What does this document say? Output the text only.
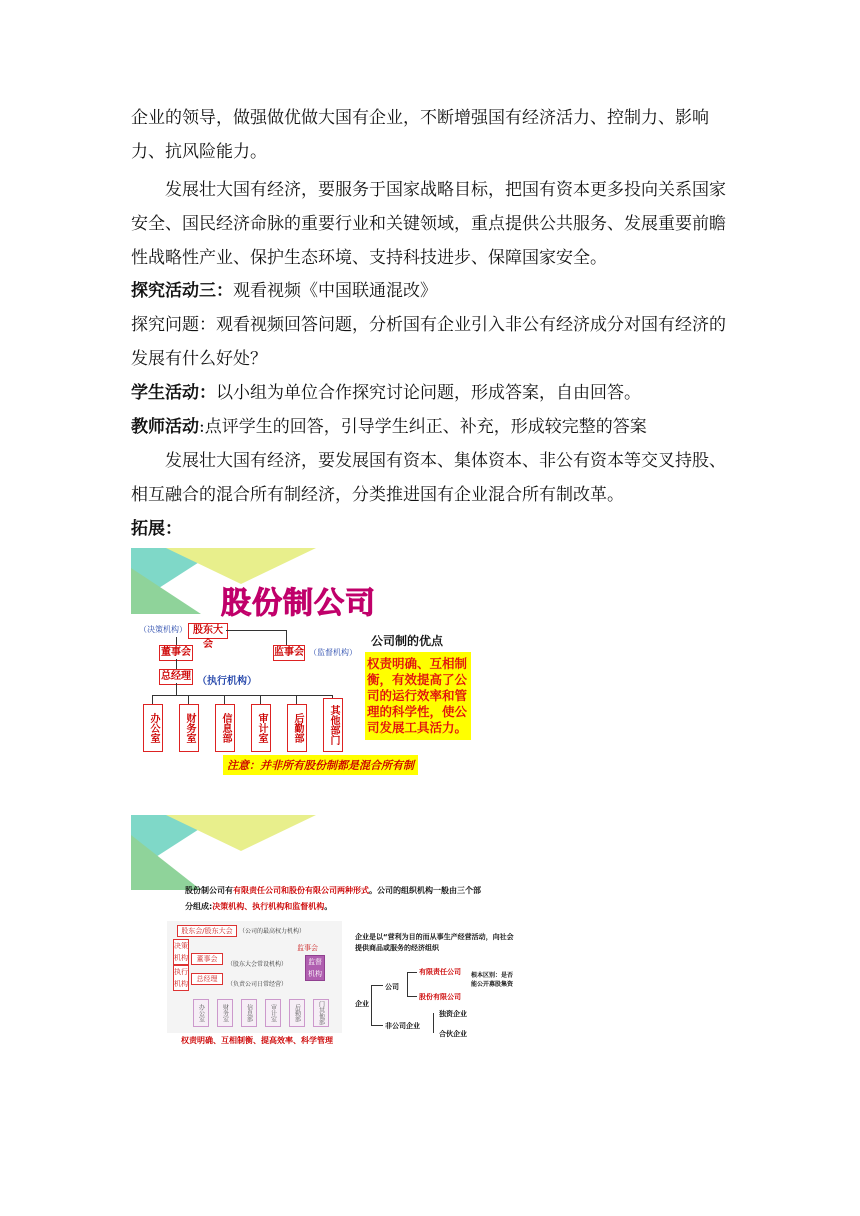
企业的领导，做强做优做大国有企业，不断增强国有经济活力、控制力、影响力、抗风险能力。

发展壮大国有经济，要服务于国家战略目标，把国有资本更多投向关系国家安全、国民经济命脉的重要行业和关键领域，重点提供公共服务、发展重要前瞻性战略性产业、保护生态环境、支持科技进步、保障国家安全。

探究活动三：观看视频《中国联通混改》

探究问题：观看视频回答问题，分析国有企业引入非公有经济成分对国有经济的发展有什么好处？

学生活动：以小组为单位合作探究讨论问题，形成答案，自由回答。

教师活动:点评学生的回答，引导学生纠正、补充，形成较完整的答案

发展壮大国有经济，要发展国有资本、集体资本、非公有资本等交叉持股、相互融合的混合所有制经济，分类推进国有企业混合所有制改革。

拓展：

股份制公司
（决策机构） 股东大会
监事会 （监督机构）
董事会
总经理 （执行机构）
办公室	财务室	信息部	审计室	后勤部	其他部门
公司制的优点
权责明确、互相制衡，有效提高了公司的运行效率和管理的科学性，使公司发展工具活力。
注意：并非所有股份制都是混合所有制
股份制公司有有限责任公司和股份有限公司两种形式。公司的组织机构一般由三个部
分组成:决策机构、执行机构和监督机构。
股东会/股东大会	（公司的最高权力机构）
监事会
决策机构	董事会
（股东大会常设机构）	监督机构
执行机构
总经理
（负责公司日常经营）
办公室	财务室	信息部	审计室	后勤部	门其他部
权责明确、互相制衡、提高效率、科学管理
企业是以“营利为目的而从事生产经营活动，向社会提供商品或服务的经济组织
企业
公司
有限责任公司
股份有限公司
根本区别：是否能公开募股集资
非公司企业
独资企业
合伙企业
